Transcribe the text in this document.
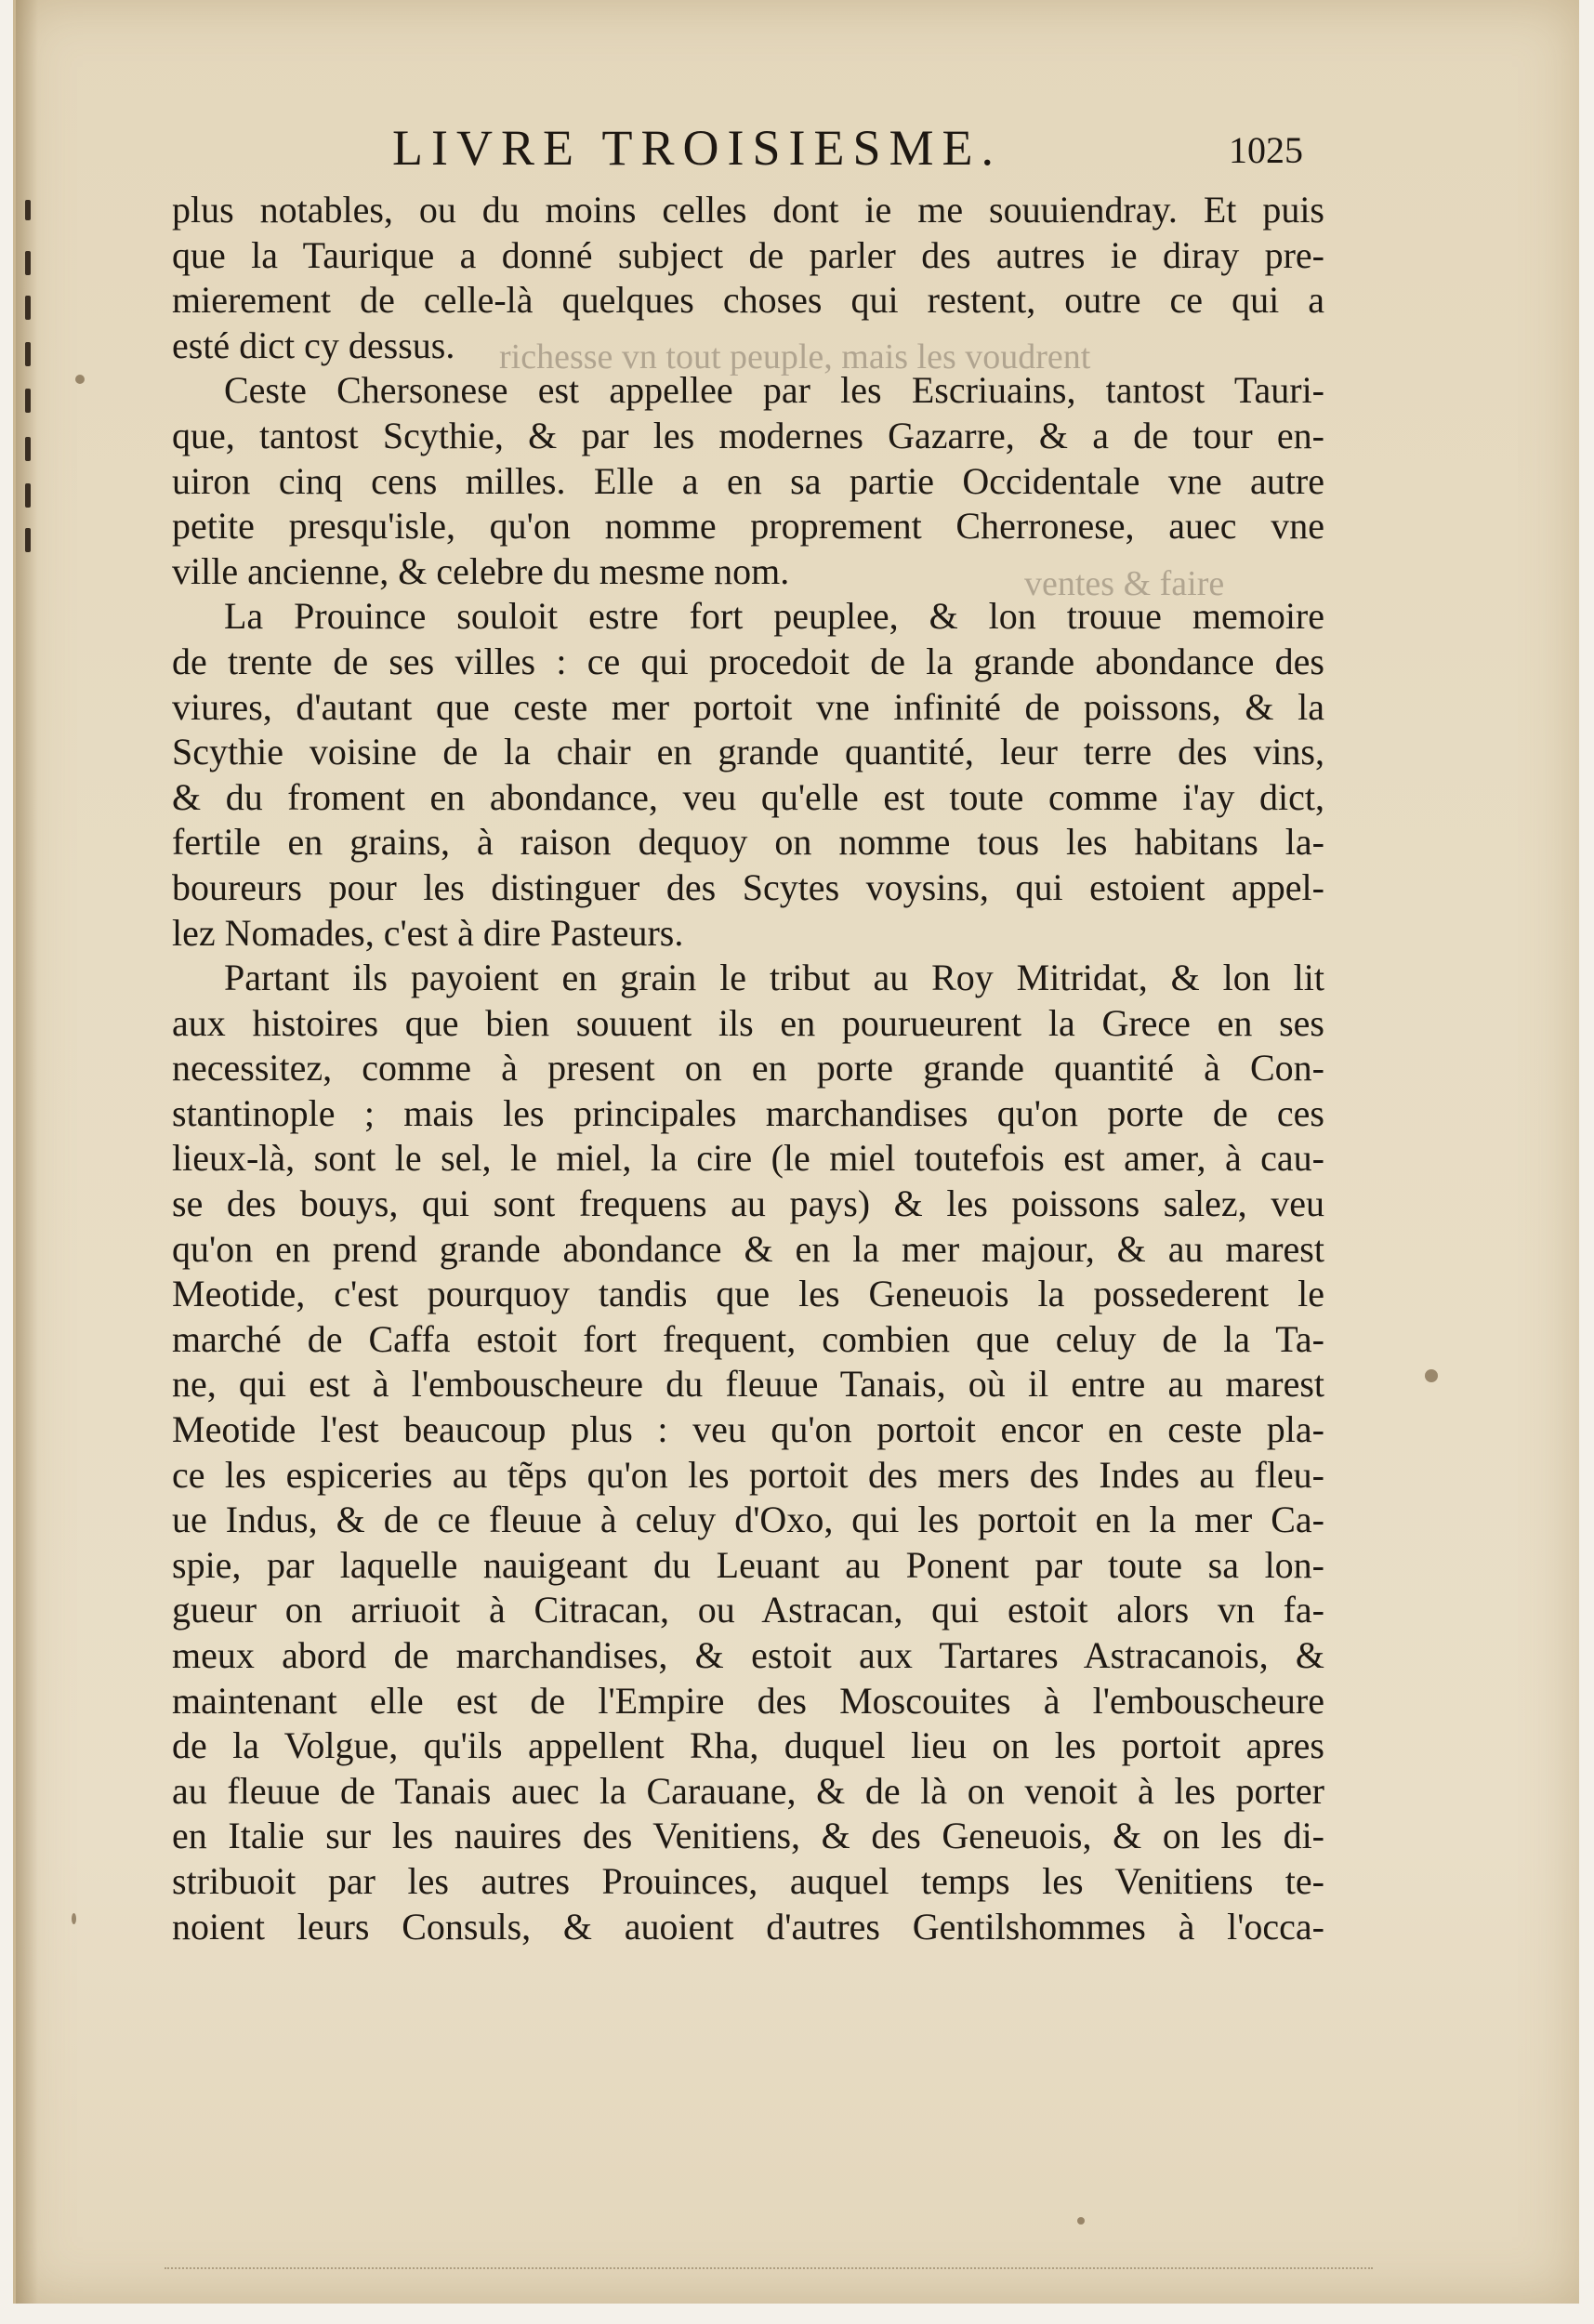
richesse vn tout peuple, mais les voudrent
ventes & faire
LIVRE TROISIESME.	1025
plus notables, ou du moins celles dont ie me souuiendray. Et puis
que la Taurique a donné subject de parler des autres ie diray pre-
mierement de celle-là quelques choses qui restent, outre ce qui a
esté dict cy dessus.
Ceste Chersonese est appellee par les Escriuains, tantost Tauri-
que, tantost Scythie, & par les modernes Gazarre, & a de tour en-
uiron cinq cens milles. Elle a en sa partie Occidentale vne autre
petite presqu'isle, qu'on nomme proprement Cherronese, auec vne
ville ancienne, & celebre du mesme nom.
La Prouince souloit estre fort peuplee, & lon trouue memoire
de trente de ses villes : ce qui procedoit de la grande abondance des
viures, d'autant que ceste mer portoit vne infinité de poissons, & la
Scythie voisine de la chair en grande quantité, leur terre des vins,
& du froment en abondance, veu qu'elle est toute comme i'ay dict,
fertile en grains, à raison dequoy on nomme tous les habitans la-
boureurs pour les distinguer des Scytes voysins, qui estoient appel-
lez Nomades, c'est à dire Pasteurs.
Partant ils payoient en grain le tribut au Roy Mitridat, & lon lit
aux histoires que bien souuent ils en pourueurent la Grece en ses
necessitez, comme à present on en porte grande quantité à Con-
stantinople ; mais les principales marchandises qu'on porte de ces
lieux-là, sont le sel, le miel, la cire (le miel toutefois est amer, à cau-
se des bouys, qui sont frequens au pays) & les poissons salez, veu
qu'on en prend grande abondance & en la mer majour, & au marest
Meotide, c'est pourquoy tandis que les Geneuois la possederent le
marché de Caffa estoit fort frequent, combien que celuy de la Ta-
ne, qui est à l'embouscheure du fleuue Tanais, où il entre au marest
Meotide l'est beaucoup plus : veu qu'on portoit encor en ceste pla-
ce les espiceries au tẽps qu'on les portoit des mers des Indes au fleu-
ue Indus, & de ce fleuue à celuy d'Oxo, qui les portoit en la mer Ca-
spie, par laquelle nauigeant du Leuant au Ponent par toute sa lon-
gueur on arriuoit à Citracan, ou Astracan, qui estoit alors vn fa-
meux abord de marchandises, & estoit aux Tartares Astracanois, &
maintenant elle est de l'Empire des Moscouites à l'embouscheure
de la Volgue, qu'ils appellent Rha, duquel lieu on les portoit apres
au fleuue de Tanais auec la Carauane, & de là on venoit à les porter
en Italie sur les nauires des Venitiens, & des Geneuois, & on les di-
stribuoit par les autres Prouinces, auquel temps les Venitiens te-
noient leurs Consuls, & auoient d'autres Gentilshommes à l'occa-
